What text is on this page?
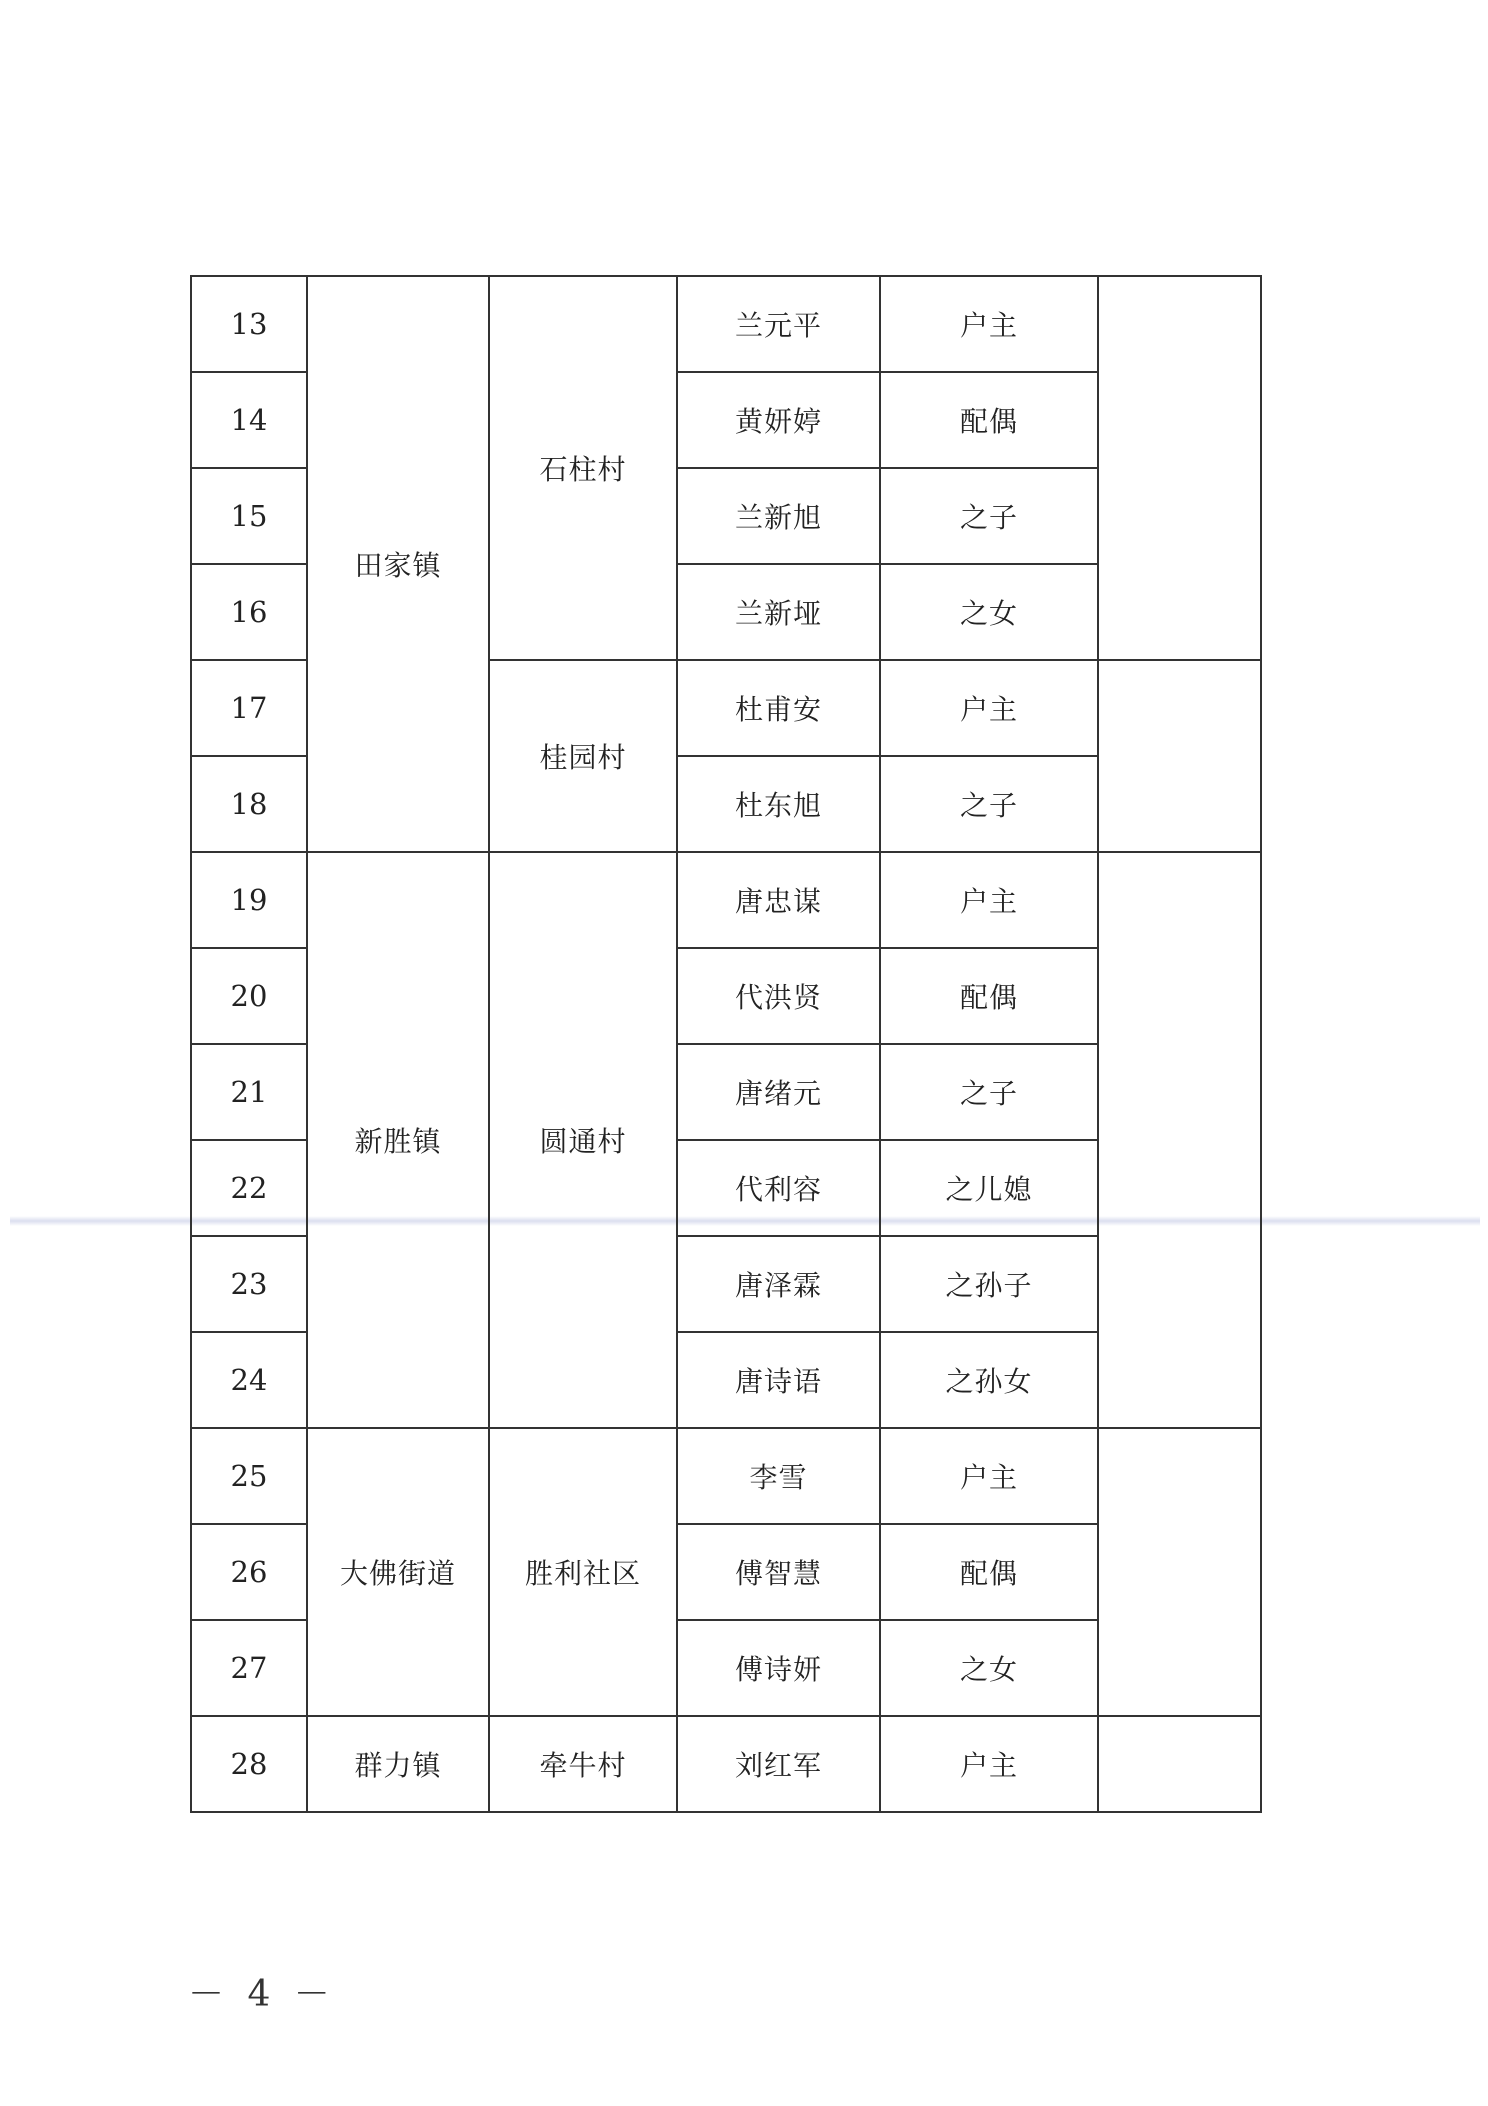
13	田家镇	石柱村	兰元平	户主	
14			黄妍婷	配偶	
15			兰新旭	之子	
16			兰新垭	之女	
17		桂园村	杜甫安	户主	
18			杜东旭	之子	
19	新胜镇	圆通村	唐忠谋	户主	
20			代洪贤	配偶	
21			唐绪元	之子	
22			代利容	之儿媳	
23			唐泽霖	之孙子	
24			唐诗语	之孙女	
25	大佛街道	胜利社区	李雪	户主	
26			傅智慧	配偶	
27			傅诗妍	之女	
28	群力镇	牵牛村	刘红军	户主	
－ 4 －
